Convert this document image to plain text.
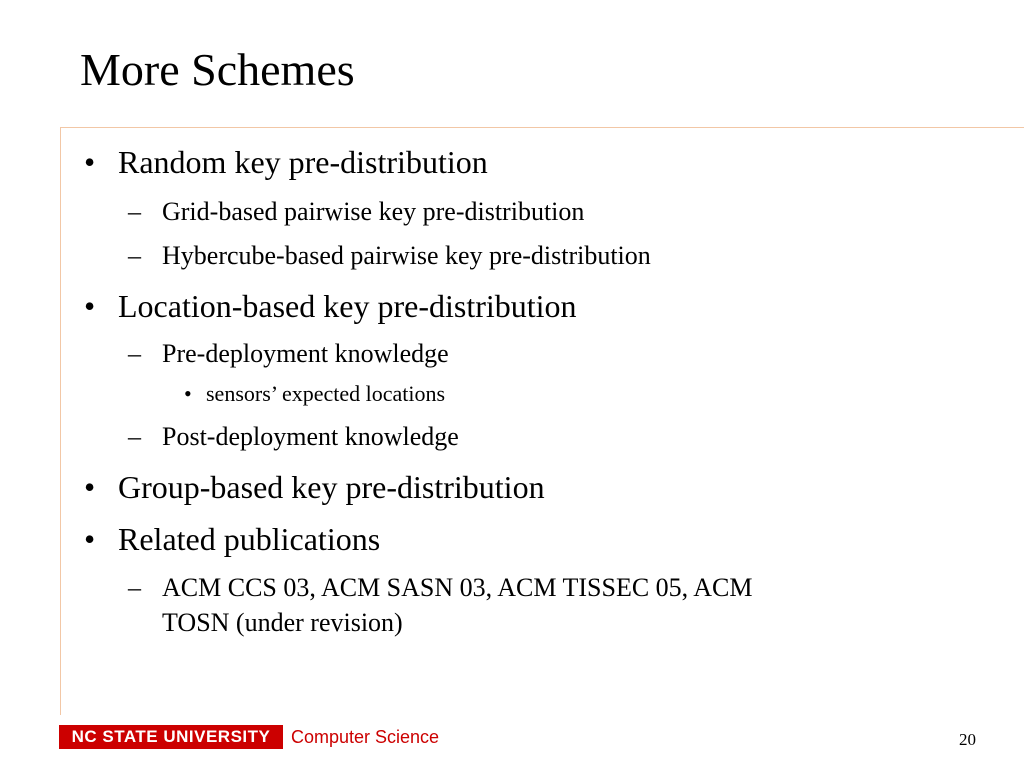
More Schemes
• Random key pre-distribution
– Grid-based pairwise key pre-distribution
– Hybercube-based pairwise key pre-distribution
• Location-based key pre-distribution
– Pre-deployment knowledge
• sensors’ expected locations
– Post-deployment knowledge
• Group-based key pre-distribution
• Related publications
– ACM CCS 03, ACM SASN 03, ACM TISSEC 05, ACM
TOSN (under revision)
NC STATE UNIVERSITY Computer Science	20
